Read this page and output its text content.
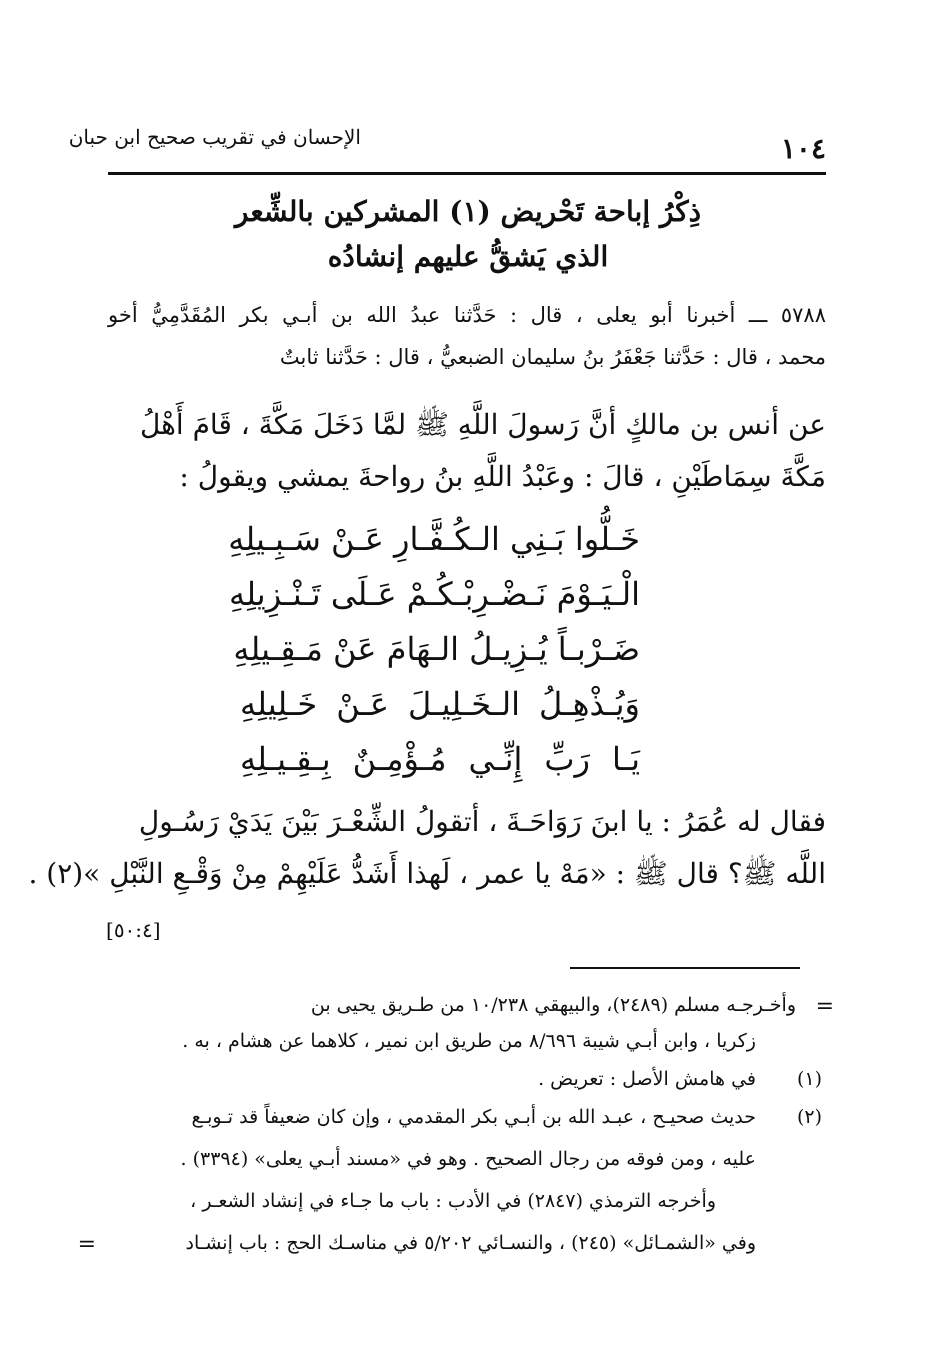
١٠٤
الإحسان في تقريب صحيح ابن حبان
ذِكْرُ إباحة تَحْريض (١) المشركين بالشِّعر
الذي يَشقُّ عليهم إنشادُه
٥٧٨٨ ـــ أخبرنا أبو يعلى ، قال : حَدَّثنا عبدُ الله بن أبـي بكر المُقَدَّمِيُّ أخو
محمد ، قال : حَدَّثنا جَعْفَرُ بنُ سليمان الضبعيُّ ، قال : حَدَّثنا ثابتٌ
عن أنس بن مالكٍ أنَّ رَسولَ اللَّهِ ﷺ لمَّا دَخَلَ مَكَّةَ ، قَامَ أَهْلُ
مَكَّةَ سِمَاطَيْنِ ، قالَ : وعَبْدُ اللَّهِ بنُ رواحةَ يمشي ويقولُ :
خَـلُّوا بَـنِي الـكُـفَّـارِ عَـنْ سَـبِـيلِهِ
الْـيَـوْمَ نَـضْـرِبْـكُـمْ عَـلَى تَـنْـزِيلِهِ
ضَـرْبـاً يُـزِيـلُ الـهَامَ عَنْ مَـقِـيلِهِ
وَيُـذْهِـلُ الـخَـلِيـلَ عَـنْ خَـلِيلِهِ
يَـا رَبِّ إِنِّـي مُـؤْمِـنٌ بِـقِـيـلِهِ
فقال له عُمَرُ : يا ابنَ رَوَاحَـةَ ، أتقولُ الشِّعْـرَ بَيْنَ يَدَيْ رَسُـولِ
اللَّه ﷺ؟ قال ﷺ : «مَهْ يا عمر ، لَهذا أَشَدُّ عَلَيْهِمْ مِنْ وَقْـعِ النَّبْلِ »(٢) .
[٥٠:٤]
=
وأخـرجـه مسلم (٢٤٨٩)، والبيهقي ١٠/٢٣٨ من طـريق يحيى بن
زكريا ، وابن أبـي شيبة ٨/٦٩٦ من طريق ابن نمير ، كلاهما عن هشام ، به .
(١)
في هامش الأصل : تعريض .
(٢)
حديث صحيـح ، عبـد الله بن أبـي بكر المقدمي ، وإن كان ضعيفاً قد تـوبـع
عليه ، ومن فوقه من رجال الصحيح . وهو في «مسند أبـي يعلى» (٣٣٩٤) .
وأخرجه الترمذي (٢٨٤٧) في الأدب : باب ما جـاء في إنشاد الشعـر ،
وفي «الشمـائل» (٢٤٥) ، والنسـائي ٥/٢٠٢ في مناسـك الحج : باب إنشـاد
=
